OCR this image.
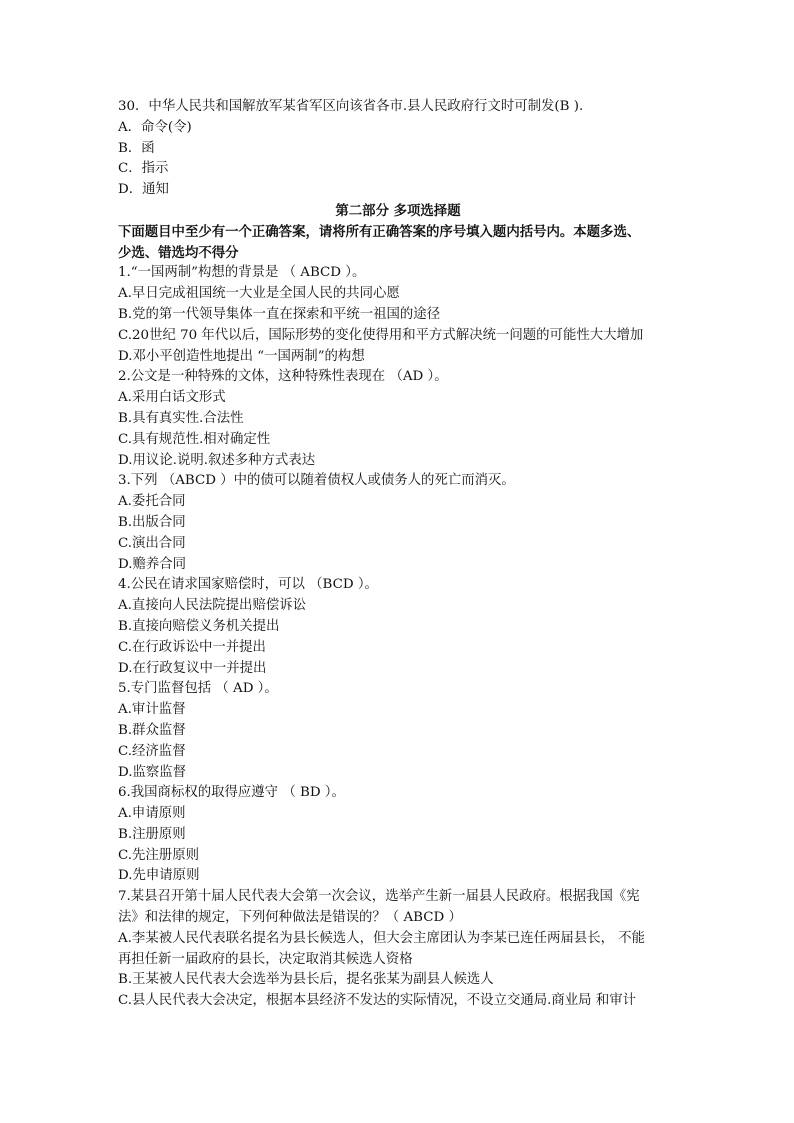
30．中华人民共和国解放军某省军区向该省各市.县人民政府行文时可制发(B ).
A．命令(令)
B．函
C．指示
D．通知
第二部分 多项选择题
下面题目中至少有一个正确答案，请将所有正确答案的序号填入题内括号内。本题多选、
少选、错选均不得分
1.“一国两制”构想的背景是 （ ABCD ）。
A.早日完成祖国统一大业是全国人民的共同心愿
B.党的第一代领导集体一直在探索和平统一祖国的途径
C.20世纪 70 年代以后，国际形势的变化使得用和平方式解决统一问题的可能性大大增加
D.邓小平创造性地提出 “一国两制”的构想
2.公文是一种特殊的文体，这种特殊性表现在 （AD ）。
A.采用白话文形式
B.具有真实性.合法性
C.具有规范性.相对确定性
D.用议论.说明.叙述多种方式表达
3.下列 （ABCD ）中的债可以随着债权人或债务人的死亡而消灭。
A.委托合同
B.出版合同
C.演出合同
D.赡养合同
4.公民在请求国家赔偿时，可以 （BCD ）。
A.直接向人民法院提出赔偿诉讼
B.直接向赔偿义务机关提出
C.在行政诉讼中一并提出
D.在行政复议中一并提出
5.专门监督包括 （ AD ）。
A.审计监督
B.群众监督
C.经济监督
D.监察监督
6.我国商标权的取得应遵守 （ BD ）。
A.申请原则
B.注册原则
C.先注册原则
D.先申请原则
7.某县召开第十届人民代表大会第一次会议，选举产生新一届县人民政府。根据我国《宪
法》和法律的规定，下列何种做法是错误的？（ ABCD ）
A.李某被人民代表联名提名为县长候选人，但大会主席团认为李某已连任两届县长， 不能
再担任新一届政府的县长，决定取消其候选人资格
B.王某被人民代表大会选举为县长后，提名张某为副县人候选人
C.县人民代表大会决定，根据本县经济不发达的实际情况，不设立交通局.商业局 和审计
